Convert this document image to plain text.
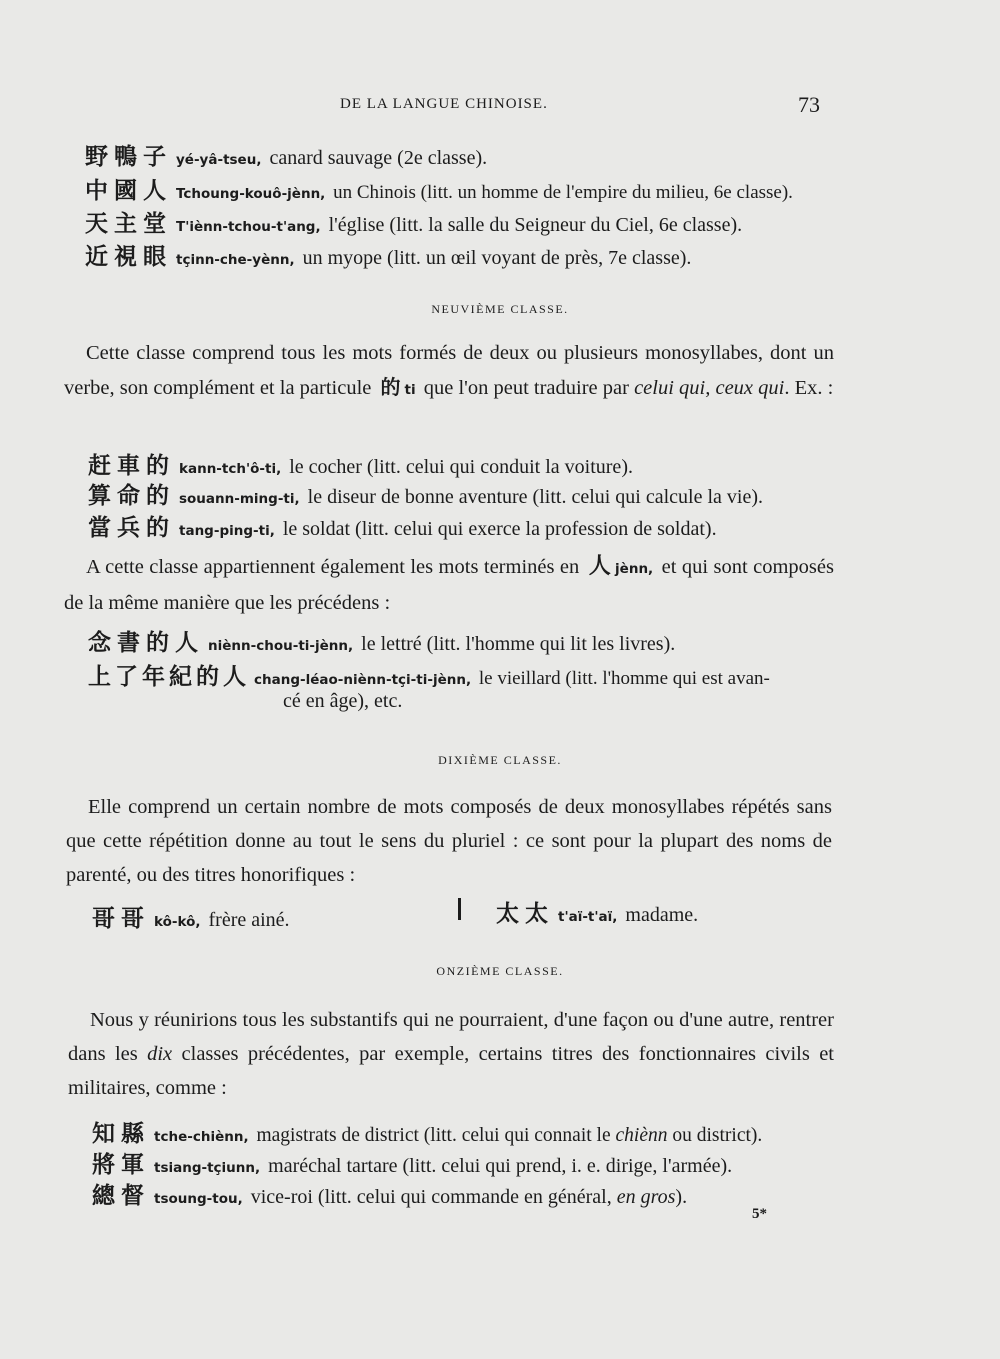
DE LA LANGUE CHINOISE.	73
野鴨子 yé-yâ-tseu, canard sauvage (2e classe).
中國人 Tchoung-kouô-jènn, un Chinois (litt. un homme de l'empire du milieu, 6e classe).
天主堂 T'iènn-tchou-t'ang, l'église (litt. la salle du Seigneur du Ciel, 6e classe).
近視眼 tçinn-che-yènn, un myope (litt. un œil voyant de près, 7e classe).
NEUVIÈME CLASSE.
Cette classe comprend tous les mots formés de deux ou plusieurs monosyllabes, dont un verbe, son complément et la particule 的 ti que l'on peut traduire par celui qui, ceux qui. Ex. :
赶車的 kann-tch'ô-ti, le cocher (litt. celui qui conduit la voiture).
算命的 souann-ming-ti, le diseur de bonne aventure (litt. celui qui calcule la vie).
當兵的 tang-ping-ti, le soldat (litt. celui qui exerce la profession de soldat).
A cette classe appartiennent également les mots terminés en 人 jènn, et qui sont composés de la même manière que les précédens :
念書的人 niènn-chou-ti-jènn, le lettré (litt. l'homme qui lit les livres).
上了年紀的人 chang-léao-niènn-tçi-ti-jènn, le vieillard (litt. l'homme qui est avan-
cé en âge), etc.
DIXIÈME CLASSE.
Elle comprend un certain nombre de mots composés de deux monosyllabes répétés sans que cette répétition donne au tout le sens du pluriel : ce sont pour la plupart des noms de parenté, ou des titres honorifiques :
哥哥 kô-kô, frère ainé.	太太 t'aï-t'aï, madame.
ONZIÈME CLASSE.
Nous y réunirions tous les substantifs qui ne pourraient, d'une façon ou d'une autre, rentrer dans les dix classes précédentes, par exemple, certains titres des fonctionnaires civils et militaires, comme :
知縣 tche-chiènn, magistrats de district (litt. celui qui connait le chiènn ou district).
將軍 tsiang-tçiunn, maréchal tartare (litt. celui qui prend, i. e. dirige, l'armée).
總督 tsoung-tou, vice-roi (litt. celui qui commande en général, en gros).
5*
